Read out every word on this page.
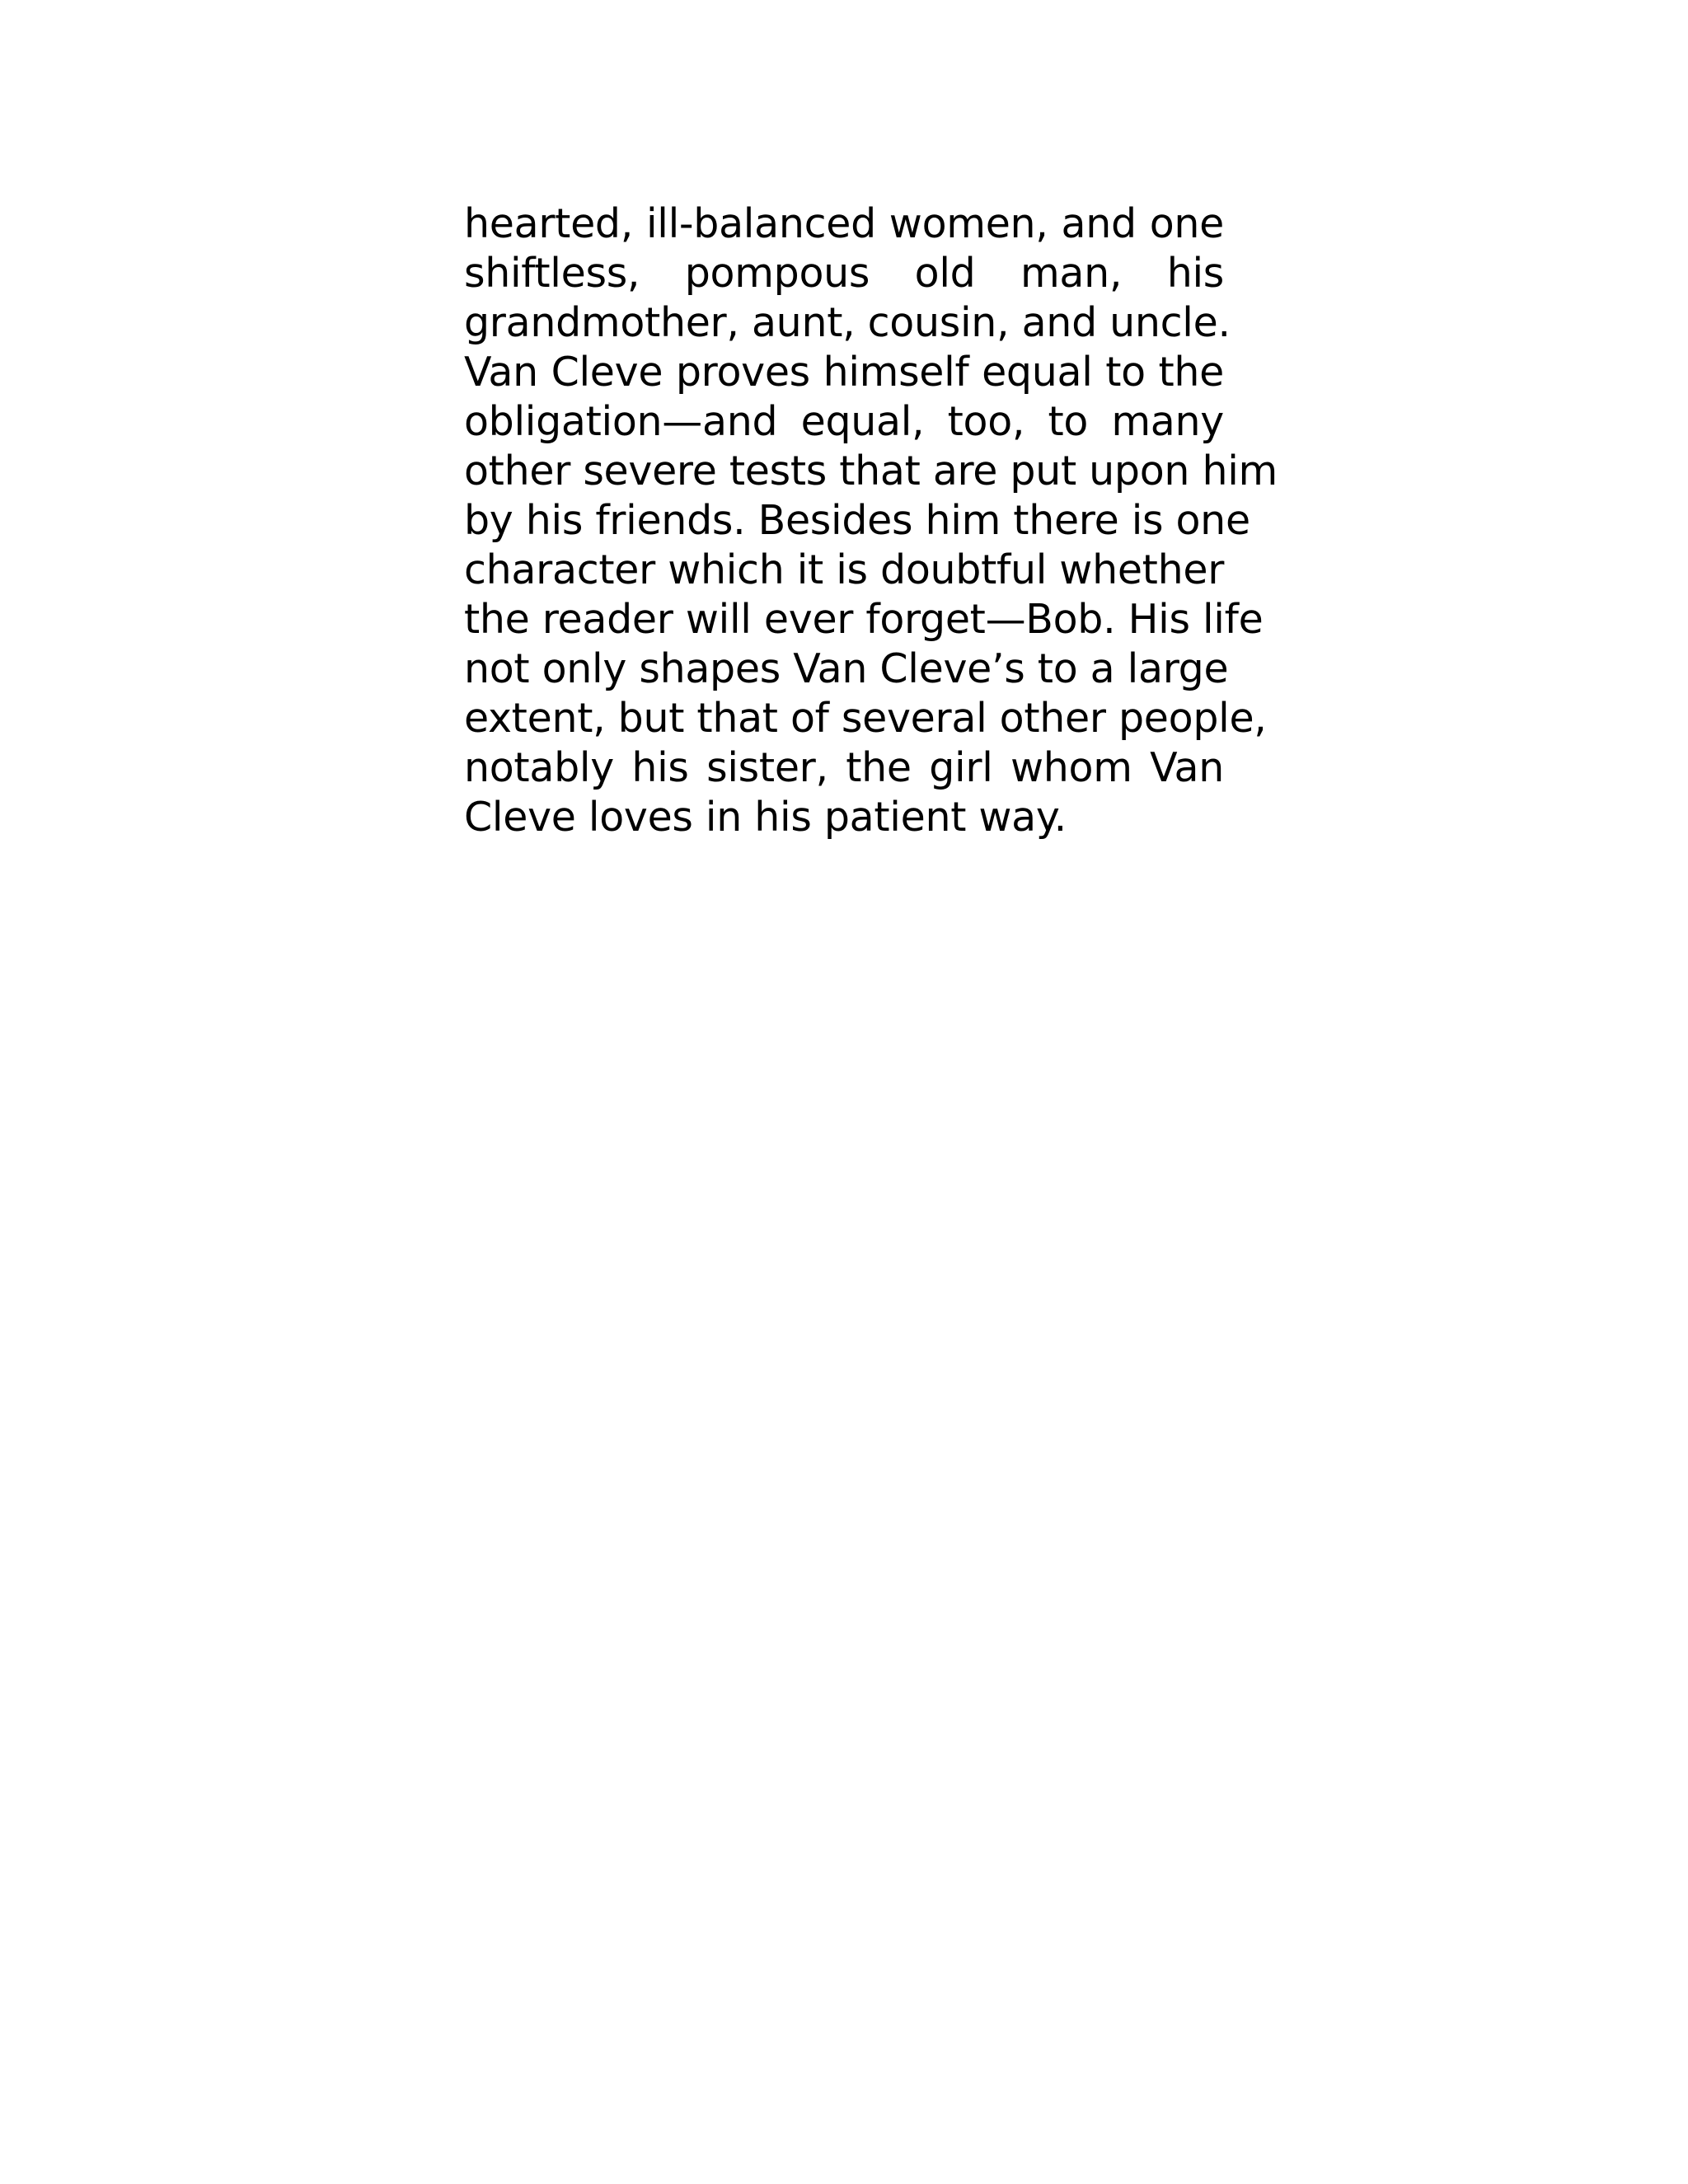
hearted, ill-balanced women, and one
shiftless, pompous old man, his
grandmother, aunt, cousin, and uncle.
Van Cleve proves himself equal to the
obligation—and equal, too, to many
other severe tests that are put upon him
by his friends. Besides him there is one
character which it is doubtful whether
the reader will ever forget—Bob. His life
not only shapes Van Cleve’s to a large
extent, but that of several other people,
notably his sister, the girl whom Van
Cleve loves in his patient way.
